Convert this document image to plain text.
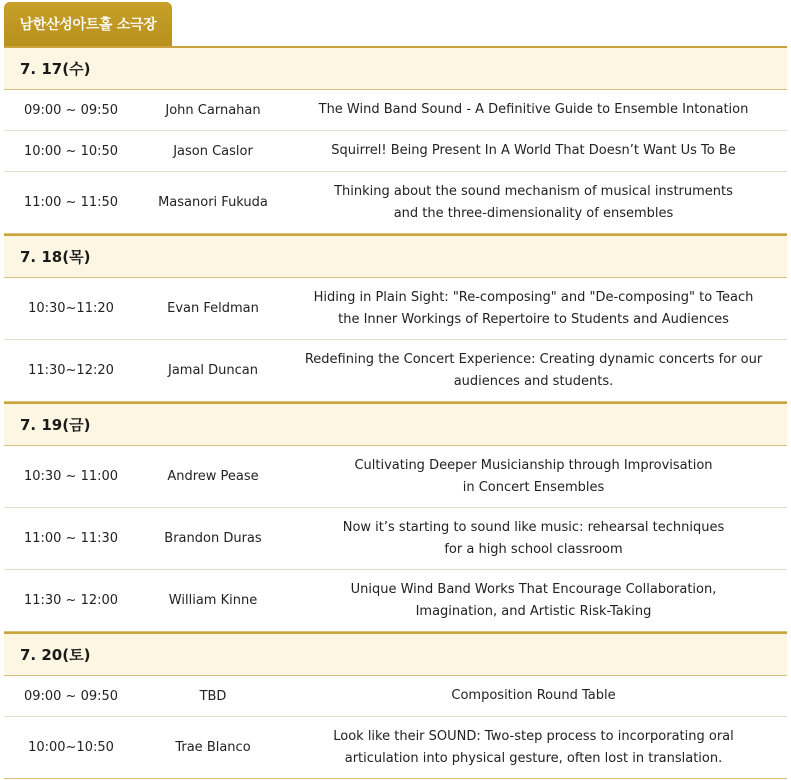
남한산성아트홀 소극장
7. 17(수)
09:00 ~ 09:50	John Carnahan	The Wind Band Sound - A Definitive Guide to Ensemble Intonation
10:00 ~ 10:50	Jason Caslor	Squirrel! Being Present In A World That Doesn’t Want Us To Be
11:00 ~ 11:50	Masanori Fukuda
Thinking about the sound mechanism of musical instruments
and the three-dimensionality of ensembles
7. 18(목)
10:30~11:20	Evan Feldman
Hiding in Plain Sight: "Re-composing" and "De-composing" to Teach
the Inner Workings of Repertoire to Students and Audiences
11:30~12:20	Jamal Duncan
Redefining the Concert Experience: Creating dynamic concerts for our
audiences and students.
7. 19(금)
10:30 ~ 11:00	Andrew Pease
Cultivating Deeper Musicianship through Improvisation
in Concert Ensembles
11:00 ~ 11:30	Brandon Duras
Now it’s starting to sound like music: rehearsal techniques
for a high school classroom
11:30 ~ 12:00	William Kinne
Unique Wind Band Works That Encourage Collaboration,
Imagination, and Artistic Risk-Taking
7. 20(토)
09:00 ~ 09:50	TBD	Composition Round Table
10:00~10:50	Trae Blanco
Look like their SOUND: Two-step process to incorporating oral
articulation into physical gesture, often lost in translation.
